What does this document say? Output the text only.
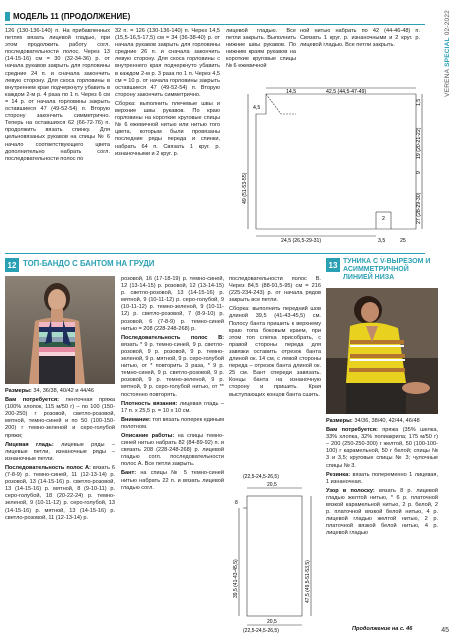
МОДЕЛЬ 11 (ПРОДОЛЖЕНИЕ)

126 (130-136-140) п. На прибавленных петлях вязать лицевой гладью, при этом продолжить работу согл. последовательности полос. Через 13 (14-15-16) см = 30 (32-34-36) р. от начала рукавов закрыть для горловины средние 24 п. и сначала закончить левую сторону. Для скоса горловины в внутреннем крае подчеркнуту убавить в каждом 2-м р. 4 раза по 1 п. Через 6 см = 14 р. от начала горловины закрыть оставшиеся 47 (49-52-54) п. Вторую сторону закончить симметрично. Теперь на оставшихся 62 (66-72-76) п. продолжить вязать спинку. Для цельновязаных рукавов на спицы № 6 начало соответствующего цвета дополнительно набрать согл. последовательности полос по

32 п. = 126 (130-136-140) п. Через 14,5 (15,5-16,5-17,5) см = 34 (36-38-40) р. от начала рукавов закрыть для горловины средние 26 п. и сначала закончить левую сторону. Для скоса горловины с внутреннего края подчеркнуто убавить в каждом 2-м р. 3 раза по 1 п. Через 4,5 см = 10 р. от начала горловины закрыть оставшиеся 47 (49-52-54) п. Вторую сторону закончить симметрично.

Сборка: выполнить плечевые швы и верхние швы рукавов. По краю горловины на короткие круговые спицы № 6 ежевичной нитью или нитью того цвета, которым были провязаны последние ряды переда и спинки, набрать 64 п. Связать 1 круг. р. изнаночными и 2 круг. р.

лицевой гладью. Все петли закрыть. Выполнить нижние швы рукавов. По нижним краям рукавов на короткие круговые спицы № 6 ежевичной

ной нитью набрать по 42 (44-46-48) п. Связать 1 круг. р. изнаночными и 2 круг. р. лицевой гладью. Все петли закрыть.

14,5	42,5 (44,5-47-49)
4,5
49 (51-53-55)
1,5
19 (20-21-22)
9
27 (28-29-30)
24,5 (26,5-29-31)	3,5	25
2
12 ТОП-БАНДО С БАНТОМ НА ГРУДИ

Размеры: 34, 36/38, 40/42 и 44/46

Вам потребуется: ленточная пряжа (100% хлопок, 115 м/50 г) – по 100 (150-200-250) г розовой, светло-розовой, мятной, темно-синей и по 50 (100-150-200) г темно-зеленой и серо-голубой пряжи;

Лицевая гладь: лицевые ряды – лицевые петли, изнаночные ряды – изнаночные петли.

Последовательность полос A: вязать 6 (7-8-9) р. темно-синей, 11 (12-13-14) р. розовой, 13 (14-15-16) р. светло-розовой, 13 (14-15-16) р. мятной, 8 (9-10-11) р. серо-голубой, 18 (20-22-24) р. темно-зеленой, 9 (10-11-12) р. серо-голубой, 13 (14-15-16) р. мятной, 13 (14-15-16) р. светло-розовой, 11 (12-13-14) р.

розовой, 16 (17-18-19) р. темно-синей, 12 (13-14-15) р. розовой, 12 (13-14-15) р. светло-розовой, 13 (14-15-16) р. мятной, 9 (10-11-12) р. серо-голубой, 9 (10-11-12) р. темно-зеленой, 9 (10-11-12) р. светло-розовой, 7 (8-9-10) р. розовой, 6 (7-8-9) р. темно-синей нитью = 208 (228-248-268) р.

Последовательность полос B: вязать * 9 р. темно-синей, 9 р. светло-розовой, 9 р. розовой, 9 р. темно-зеленой, 9 р. мятной, 9 р. серо-голубой нитью, от * повторить 3 раза, * 9 р. темно-синей, 9 р. светло-розовой, 9 р. розовой, 9 р. темно-зеленой, 9 р. мятной, 9 р. серо-голубой нитью, от ** постоянно повторять.

Плотность вязания: лицевая гладь – 17 п. х 25,5 р. = 10 х 10 см.

Внимание: топ вязать поперек единым полотном.

Описание работы: на спицы темно-синей нитью набрать 82 (84-89-92) п. и связать 208 (228-248-268) р. лицевой гладью согл. последовательности полос A. Все петли закрыть.

Бант: на спицы № 5 темно-синей нитью набрать 22 п. и вязать лицевой гладью согл.

последовательности полос B. Через 84,5 (88-91,5-95) см = 216 (225-234-243) р. от начала рядов закрыть все петли.

Сборка: выполнить передний шов длиной 39,5 (41-43-45,5) см. Полосу банта пришить к верхнему краю топа боковым краем, при этом топ слегка присобрать, с правой стороны переда для завязки оставить отрезок банта длиной ок. 14 см, с левой стороны переда – отрезок банта длиной ок. 25 см. Бант спереди завязать. Концы банта на изнаночную сторону и пришить. Края выступающих концов банта сшить.

(22,5-24,5-26,5)
20,5
39,5 (41-43-45,5)	47,5 (49,5-51-53,5)
8
20,5
(22,5-24,5-26,5)
13 ТУНИКА С V-ВЫРЕЗОМ И АСИММЕТРИЧНОЙ ЛИНИЕЙ НИЗА

Размеры: 34/36, 38/40, 42/44, 46/48

Вам потребуется: пряжа (35% шелка, 33% хлопка, 32% полиакрила; 175 м/50 г) – 200 (250-250-300) г желтой, 50 (100-100-100) г карамельной, 50 г белой; спицы № 3 и 3,5; круговые спицы № 3; чулочные спицы № 3.

Резинка: вязать попеременно 1 лицевая, 1 изнаночная.

Узор в полоску: вязать 8 р. лицевой гладью желтой нитью, * 6 р. платочной вязкой карамельной нитью, 2 р. белой, 2 р. платочной вязкой белой нитью, 4 р. лицевой гладью желтой нитью, 2 р. платочной вязкой белой нитью, 4 р. лицевой гладью

Продолжение на с. 46
VERENA SPECIAL 02-2022
45
